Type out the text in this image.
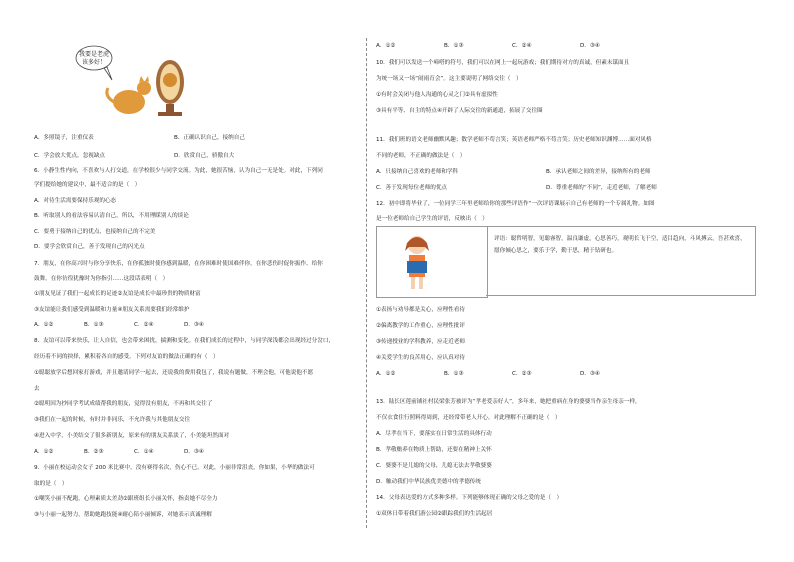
我要是老虎
该多好！
A．多照镜子，注重仪表	B．正确认识自己，接纳自己
C．学会放大优点，忽视缺点	D．欣赏自己，骄傲自大
6．小静生性内向，不喜欢与人打交道，在学校很少与同学交流。为此，她很苦恼，认为自己一无是处。对此，下列同
学们提给她的建议中，最不适合的是（　）
A．对待生活需要保持乐观的心态
B．听取别人的看法容易认清自己，所以，不用理睬别人的谈论
C．要勇于接纳自己的优点，也接纳自己的不完美
D．要学会欣赏自己，善于发现自己的闪光点
7．朋友，在你高兴时与你分享快乐，在你孤独时使你感到温暖，在你困难时使国难伴你，在你悲伤时促你振作、给你
鼓舞。在你彷徨犹豫时为你指引……这段话表明（　）
①朋友见证了我们一起成长的足迹②友谊是成长中最珍贵的物质财富
③友谊能让我们感受到温暖和力量④朋友关系需要我们经常维护
A．①②	B．①③	C．②④	D．③④
8．友谊可以带来快乐，让人自信，也会带来困扰，揣测和变化。在我们成长的过程中，与同学深浅都会出现经过分岔口，
经历着不同的抉择，累积着各自的感受。下列对友谊的做法正确的有（　）
①聪聪放学后想回家打游戏，并且邀请同学一起去，还说我的费用我包了，我说有题做，不理会他，可他说他不愿
去
②聪明因为抄同学考试成绩帮我的朋友，觉得没有朋友，不再和其交往了
③我们在一起的时候，有时并非同乐，不允许我与其他朋友交往
④进入中学，小美结交了很多新朋友，原来有的朋友关系淡了，小美能坦然面对
A．①②	B．②③	C．①④	D．③④
9．小丽在校运动会女子 200 米比赛中，没有赛得名次，伤心不已。对此，小丽非常沮丧，你如果，小华的做法可
取的是（　）
①嘲笑小丽不配跑，心理素质太差劲②跟班组长小丽关怀，指责她不尽全力
③与小丽一起努力，帮助她跑技能④耐心陪小丽倾诉，对她表示真诚理解
评语：聪哲明智，见聪睿智，温良谦虚，心思善巧，观明长飞于空，适目趋向，斗风搏云，吾甚欢喜，愿你倾心思之，要乐于学，勤于思，精于钻研也。
A．①②	B．①③	C．②④	D．③④
10．我们可以发送一个啼嗒的符号，我们可以在网上一起玩游戏；我们期待对方的真诚，但素未谋面且
为统一场又一场“闹雨育会”。这主要说明了网络交往（　）
①有时会关闭与他人沟通的心灵之门②具有虚拟性
③具有平等、自主的特点④开辟了人际交往的新通道，拓展了交往圈
11．我们班的语文老师幽默风趣；数学老师不苟言笑；英语老师严格不苟言笑；历史老师知识渊博……面对风格
不同的老师，不正确的做法是（　）
A．只接纳自己喜欢的老师和学科	B．承认老师之间的差异，接纳所有的老师
C．善于发现每位老师的优点	D．尊重老师的“不同”，走近老师，了解老师
12．初中即将毕业了，一位同学三年里老师给你的那些评语作“一次评语课展示自己有老师的一个专属礼物。如图
是一位老师给自己学生的评语，反映出（　）
①表扬与劝导都是关心，应理性看待
②偏离教学的工作重心，应理性批评
③传递授业的学科教养，应走近老师
④关爱学生的良苦用心，应认真对待
A．①②	B．①③	C．②③	D．③④
13．陆长区莲前铺社村民梁张芳被评为“孝老爱亲好人”，多年来，她把重病在身的婆婆当作亲生母亲一样，
不仅衣食住行照料得周到，还经常带老人开心。对此理解不正确的是（　）
A．尽孝在当下，要落实在日常生活的具体行动
B．孝敬赡养在物质上帮助，还要在精神上关怀
C．婆婆不是儿媳的父母，儿媳无法去孝敬婆婆
D．触动我们中华民族优美德中的孝德传统
14．父母表达爱的方式多种多样。下列能够体现正确的父母之爱的是（　）
①双休日带着我们游公园②跟踪我们的生活起居
